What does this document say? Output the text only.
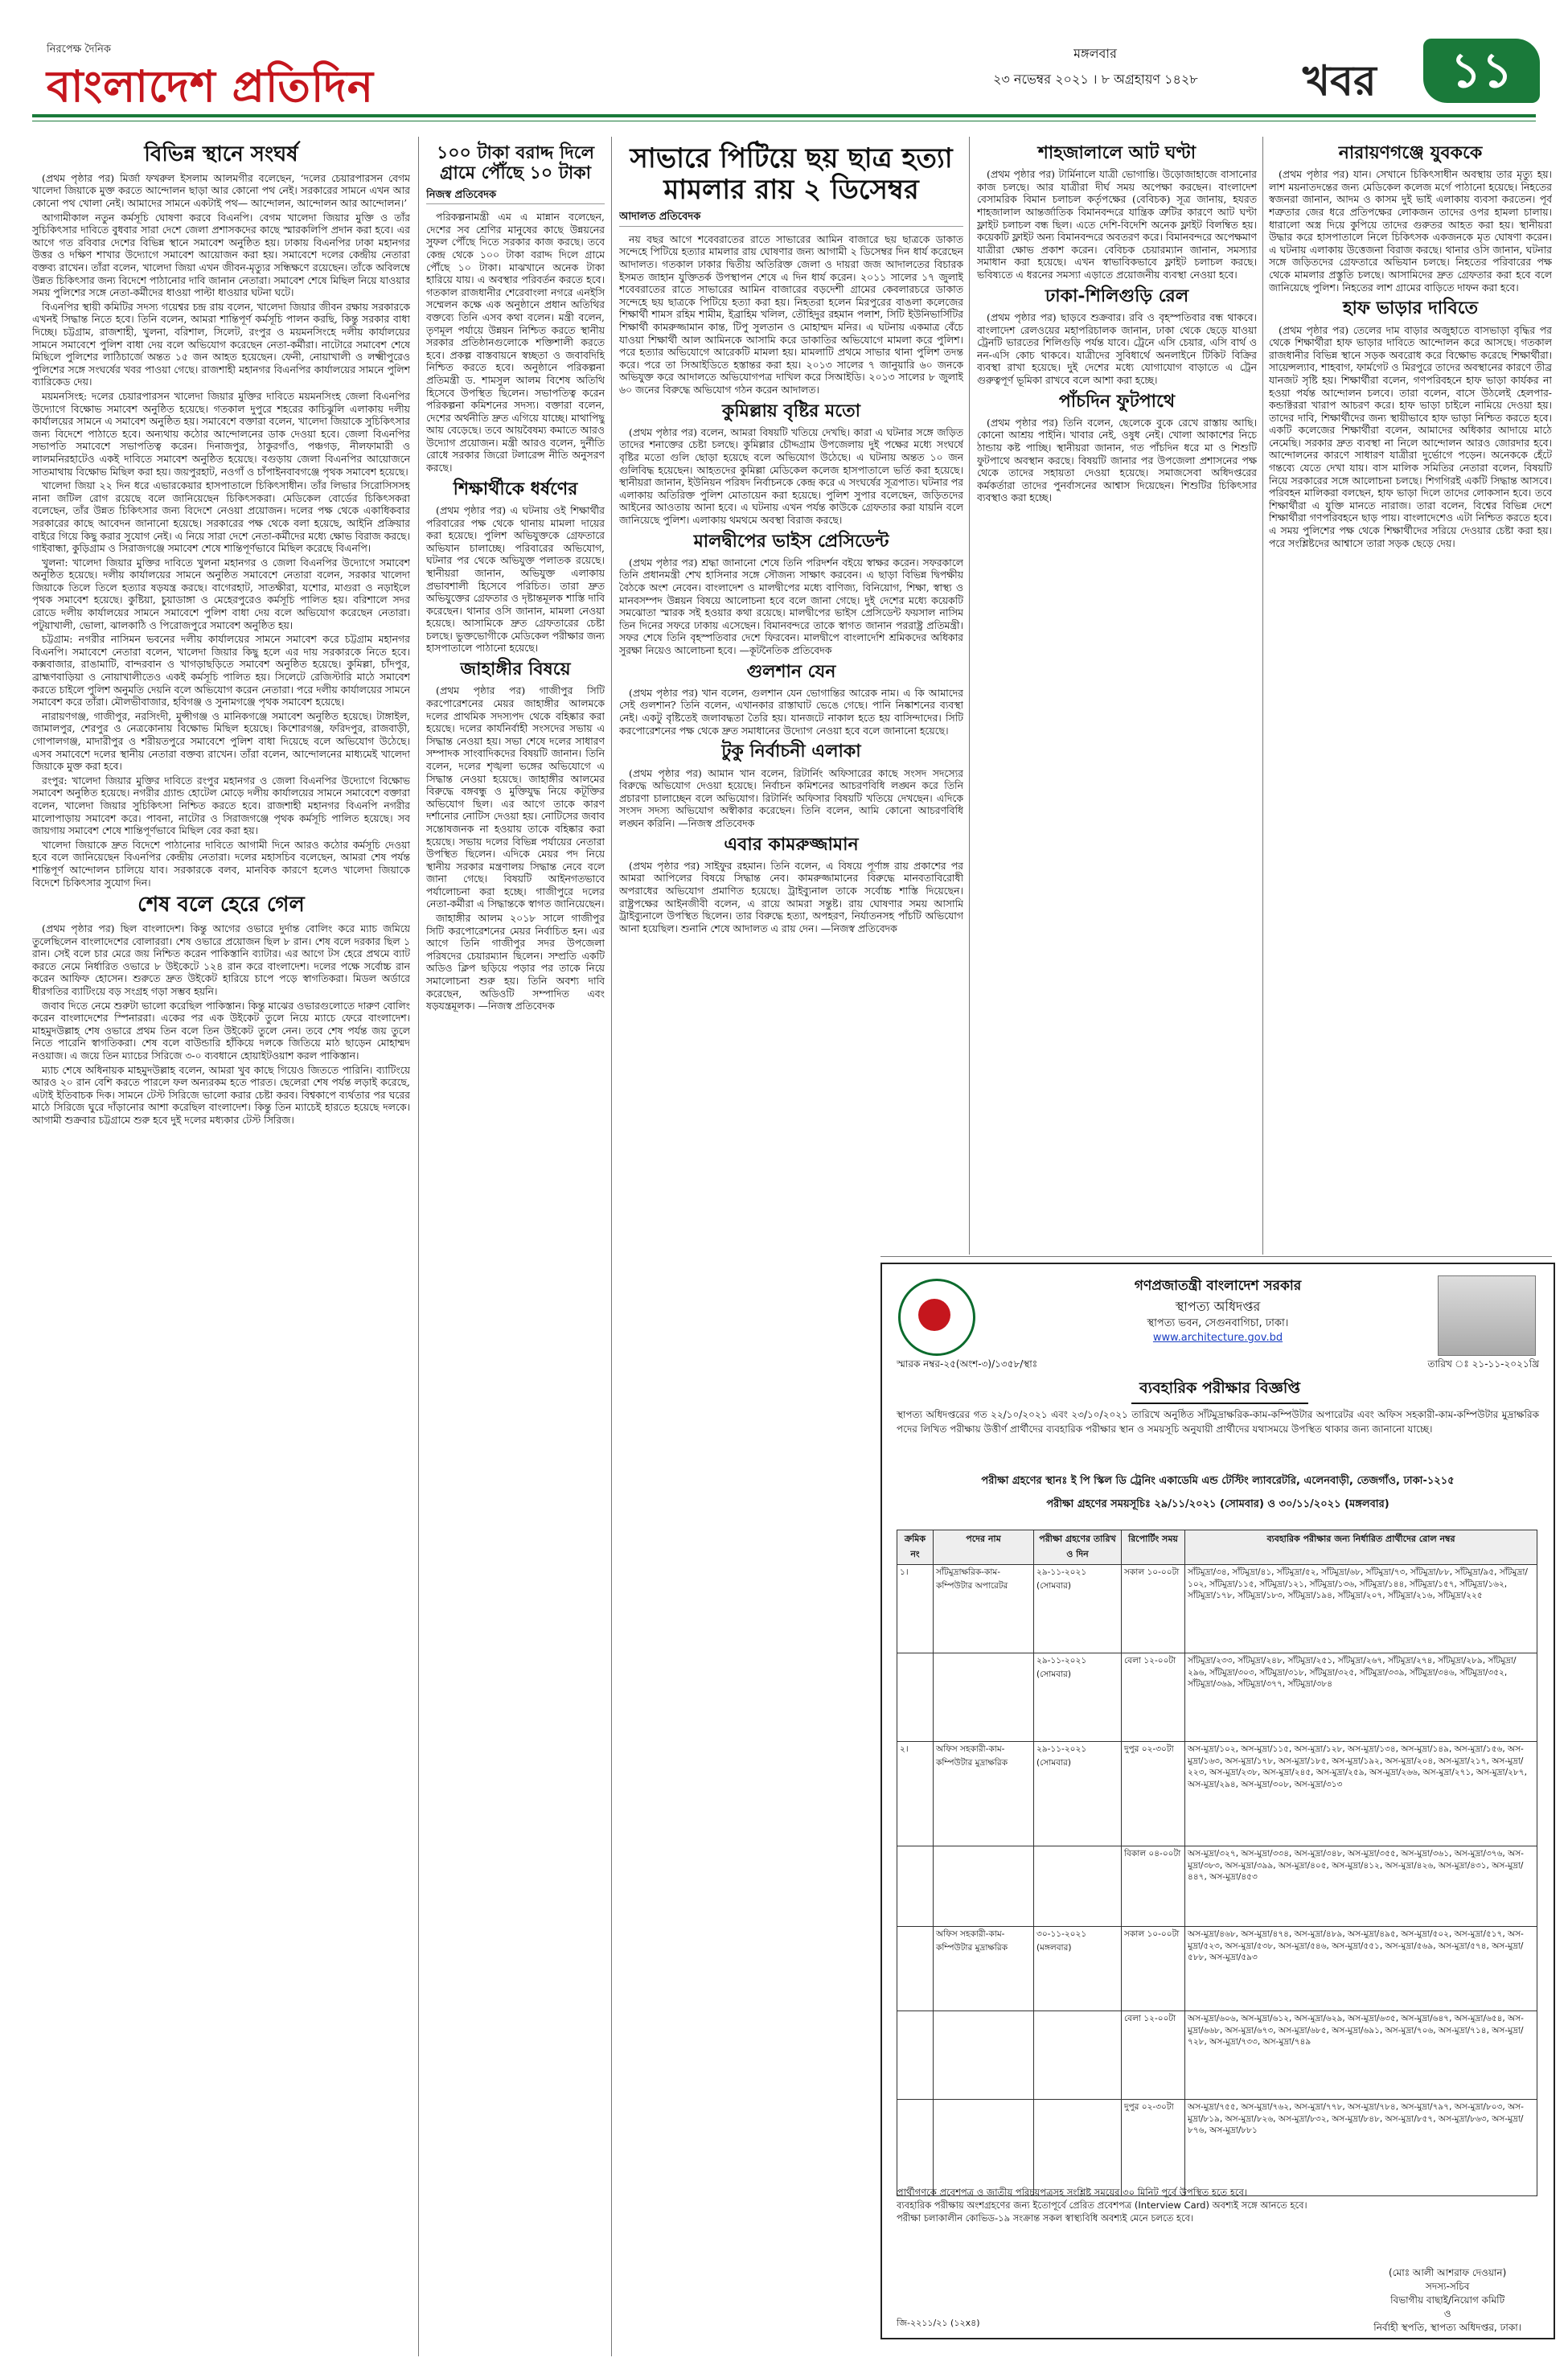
নিরপেক্ষ দৈনিক
বাংলাদেশ প্রতিদিন
মঙ্গলবার
২৩ নভেম্বর ২০২১ । ৮ অগ্রহায়ণ ১৪২৮	খবর	১১
বিভিন্ন স্থানে সংঘর্ষ

(প্রথম পৃষ্ঠার পর) মির্জা ফখরুল ইসলাম আলমগীর বলেছেন, ‘দলের চেয়ারপারসন বেগম খালেদা জিয়াকে মুক্ত করতে আন্দোলন ছাড়া আর কোনো পথ নেই। সরকারের সামনে এখন আর কোনো পথ খোলা নেই। আমাদের সামনে একটাই পথ— আন্দোলন, আন্দোলন আর আন্দোলন।’

আগামীকাল নতুন কর্মসূচি ঘোষণা করবে বিএনপি। বেগম খালেদা জিয়ার মুক্তি ও তাঁর সুচিকিৎসার দাবিতে বুধবার সারা দেশে জেলা প্রশাসকদের কাছে স্মারকলিপি প্রদান করা হবে। এর আগে গত রবিবার দেশের বিভিন্ন স্থানে সমাবেশ অনুষ্ঠিত হয়। ঢাকায় বিএনপির ঢাকা মহানগর উত্তর ও দক্ষিণ শাখার উদ্যোগে সমাবেশ আয়োজন করা হয়। সমাবেশে দলের কেন্দ্রীয় নেতারা বক্তব্য রাখেন। তাঁরা বলেন, খালেদা জিয়া এখন জীবন-মৃত্যুর সন্ধিক্ষণে রয়েছেন। তাঁকে অবিলম্বে উন্নত চিকিৎসার জন্য বিদেশে পাঠানোর দাবি জানান নেতারা। সমাবেশ শেষে মিছিল নিয়ে যাওয়ার সময় পুলিশের সঙ্গে নেতা-কর্মীদের ধাওয়া পাল্টা ধাওয়ার ঘটনা ঘটে।

বিএনপির স্থায়ী কমিটির সদস্য গয়েশ্বর চন্দ্র রায় বলেন, খালেদা জিয়ার জীবন রক্ষায় সরকারকে এখনই সিদ্ধান্ত নিতে হবে। তিনি বলেন, আমরা শান্তিপূর্ণ কর্মসূচি পালন করছি, কিন্তু সরকার বাধা দিচ্ছে। চট্টগ্রাম, রাজশাহী, খুলনা, বরিশাল, সিলেট, রংপুর ও ময়মনসিংহে দলীয় কার্যালয়ের সামনে সমাবেশে পুলিশ বাধা দেয় বলে অভিযোগ করেছেন নেতা-কর্মীরা। নাটোরে সমাবেশ শেষে মিছিলে পুলিশের লাঠিচার্জে অন্তত ১৫ জন আহত হয়েছেন। ফেনী, নোয়াখালী ও লক্ষ্মীপুরেও পুলিশের সঙ্গে সংঘর্ষের খবর পাওয়া গেছে। রাজশাহী মহানগর বিএনপির কার্যালয়ের সামনে পুলিশ ব্যারিকেড দেয়।

ময়মনসিংহ: দলের চেয়ারপারসন খালেদা জিয়ার মুক্তির দাবিতে ময়মনসিংহ জেলা বিএনপির উদ্যোগে বিক্ষোভ সমাবেশ অনুষ্ঠিত হয়েছে। গতকাল দুপুরে শহরের কাচিঝুলি এলাকায় দলীয় কার্যালয়ের সামনে এ সমাবেশ অনুষ্ঠিত হয়। সমাবেশে বক্তারা বলেন, খালেদা জিয়াকে সুচিকিৎসার জন্য বিদেশে পাঠাতে হবে। অন্যথায় কঠোর আন্দোলনের ডাক দেওয়া হবে। জেলা বিএনপির সভাপতি সমাবেশে সভাপতিত্ব করেন। দিনাজপুর, ঠাকুরগাঁও, পঞ্চগড়, নীলফামারী ও লালমনিরহাটেও একই দাবিতে সমাবেশ অনুষ্ঠিত হয়েছে। বগুড়ায় জেলা বিএনপির আয়োজনে সাতমাথায় বিক্ষোভ মিছিল করা হয়। জয়পুরহাট, নওগাঁ ও চাঁপাইনবাবগঞ্জে পৃথক সমাবেশ হয়েছে।

খালেদা জিয়া ২২ দিন ধরে এভারকেয়ার হাসপাতালে চিকিৎসাধীন। তাঁর লিভার সিরোসিসসহ নানা জটিল রোগ রয়েছে বলে জানিয়েছেন চিকিৎসকরা। মেডিকেল বোর্ডের চিকিৎসকরা বলেছেন, তাঁর উন্নত চিকিৎসার জন্য বিদেশে নেওয়া প্রয়োজন। দলের পক্ষ থেকে একাধিকবার সরকারের কাছে আবেদন জানানো হয়েছে। সরকারের পক্ষ থেকে বলা হয়েছে, আইনি প্রক্রিয়ার বাইরে গিয়ে কিছু করার সুযোগ নেই। এ নিয়ে সারা দেশে নেতা-কর্মীদের মধ্যে ক্ষোভ বিরাজ করছে। গাইবান্ধা, কুড়িগ্রাম ও সিরাজগঞ্জে সমাবেশ শেষে শান্তিপূর্ণভাবে মিছিল করেছে বিএনপি।

খুলনা: খালেদা জিয়ার মুক্তির দাবিতে খুলনা মহানগর ও জেলা বিএনপির উদ্যোগে সমাবেশ অনুষ্ঠিত হয়েছে। দলীয় কার্যালয়ের সামনে অনুষ্ঠিত সমাবেশে নেতারা বলেন, সরকার খালেদা জিয়াকে তিলে তিলে হত্যার ষড়যন্ত্র করছে। বাগেরহাট, সাতক্ষীরা, যশোর, মাগুরা ও নড়াইলে পৃথক সমাবেশ হয়েছে। কুষ্টিয়া, চুয়াডাঙ্গা ও মেহেরপুরেও কর্মসূচি পালিত হয়। বরিশালে সদর রোডে দলীয় কার্যালয়ের সামনে সমাবেশে পুলিশ বাধা দেয় বলে অভিযোগ করেছেন নেতারা। পটুয়াখালী, ভোলা, ঝালকাঠি ও পিরোজপুরে সমাবেশ অনুষ্ঠিত হয়।

চট্টগ্রাম: নগরীর নাসিমন ভবনের দলীয় কার্যালয়ের সামনে সমাবেশ করে চট্টগ্রাম মহানগর বিএনপি। সমাবেশে নেতারা বলেন, খালেদা জিয়ার কিছু হলে এর দায় সরকারকে নিতে হবে। কক্সবাজার, রাঙামাটি, বান্দরবান ও খাগড়াছড়িতে সমাবেশ অনুষ্ঠিত হয়েছে। কুমিল্লা, চাঁদপুর, ব্রাহ্মণবাড়িয়া ও নোয়াখালীতেও একই কর্মসূচি পালিত হয়। সিলেটে রেজিস্টারি মাঠে সমাবেশ করতে চাইলে পুলিশ অনুমতি দেয়নি বলে অভিযোগ করেন নেতারা। পরে দলীয় কার্যালয়ের সামনে সমাবেশ করে তাঁরা। মৌলভীবাজার, হবিগঞ্জ ও সুনামগঞ্জে পৃথক সমাবেশ হয়েছে।

নারায়ণগঞ্জ, গাজীপুর, নরসিংদী, মুন্সীগঞ্জ ও মানিকগঞ্জে সমাবেশ অনুষ্ঠিত হয়েছে। টাঙ্গাইল, জামালপুর, শেরপুর ও নেত্রকোনায় বিক্ষোভ মিছিল হয়েছে। কিশোরগঞ্জ, ফরিদপুর, রাজবাড়ী, গোপালগঞ্জ, মাদারীপুর ও শরীয়তপুরে সমাবেশে পুলিশ বাধা দিয়েছে বলে অভিযোগ উঠেছে। এসব সমাবেশে দলের স্থানীয় নেতারা বক্তব্য রাখেন। তাঁরা বলেন, আন্দোলনের মাধ্যমেই খালেদা জিয়াকে মুক্ত করা হবে।

রংপুর: খালেদা জিয়ার মুক্তির দাবিতে রংপুর মহানগর ও জেলা বিএনপির উদ্যোগে বিক্ষোভ সমাবেশ অনুষ্ঠিত হয়েছে। নগরীর গ্র্যান্ড হোটেল মোড়ে দলীয় কার্যালয়ের সামনে সমাবেশে বক্তারা বলেন, খালেদা জিয়ার সুচিকিৎসা নিশ্চিত করতে হবে। রাজশাহী মহানগর বিএনপি নগরীর মালোপাড়ায় সমাবেশ করে। পাবনা, নাটোর ও সিরাজগঞ্জে পৃথক কর্মসূচি পালিত হয়েছে। সব জায়গায় সমাবেশ শেষে শান্তিপূর্ণভাবে মিছিল বের করা হয়।

খালেদা জিয়াকে দ্রুত বিদেশে পাঠানোর দাবিতে আগামী দিনে আরও কঠোর কর্মসূচি দেওয়া হবে বলে জানিয়েছেন বিএনপির কেন্দ্রীয় নেতারা। দলের মহাসচিব বলেছেন, আমরা শেষ পর্যন্ত শান্তিপূর্ণ আন্দোলন চালিয়ে যাব। সরকারকে বলব, মানবিক কারণে হলেও খালেদা জিয়াকে বিদেশে চিকিৎসার সুযোগ দিন।

শেষ বলে হেরে গেল

(প্রথম পৃষ্ঠার পর) ছিল বাংলাদেশ। কিন্তু আগের ওভারে দুর্দান্ত বোলিং করে ম্যাচ জমিয়ে তুলেছিলেন বাংলাদেশের বোলাররা। শেষ ওভারে প্রয়োজন ছিল ৮ রান। শেষ বলে দরকার ছিল ১ রান। সেই বলে চার মেরে জয় নিশ্চিত করেন পাকিস্তানি ব্যাটার। এর আগে টস হেরে প্রথমে ব্যাট করতে নেমে নির্ধারিত ওভারে ৮ উইকেটে ১২৪ রান করে বাংলাদেশ। দলের পক্ষে সর্বোচ্চ রান করেন আফিফ হোসেন। শুরুতে দ্রুত উইকেট হারিয়ে চাপে পড়ে স্বাগতিকরা। মিডল অর্ডারে ধীরগতির ব্যাটিংয়ে বড় সংগ্রহ গড়া সম্ভব হয়নি।

জবাব দিতে নেমে শুরুটা ভালো করেছিল পাকিস্তান। কিন্তু মাঝের ওভারগুলোতে দারুণ বোলিং করেন বাংলাদেশের স্পিনাররা। একের পর এক উইকেট তুলে নিয়ে ম্যাচে ফেরে বাংলাদেশ। মাহমুদউল্লাহ শেষ ওভারে প্রথম তিন বলে তিন উইকেট তুলে নেন। তবে শেষ পর্যন্ত জয় তুলে নিতে পারেনি স্বাগতিকরা। শেষ বলে বাউন্ডারি হাঁকিয়ে দলকে জিতিয়ে মাঠ ছাড়েন মোহাম্মদ নওয়াজ। এ জয়ে তিন ম্যাচের সিরিজে ৩-০ ব্যবধানে হোয়াইটওয়াশ করল পাকিস্তান।

ম্যাচ শেষে অধিনায়ক মাহমুদউল্লাহ বলেন, আমরা খুব কাছে গিয়েও জিততে পারিনি। ব্যাটিংয়ে আরও ২০ রান বেশি করতে পারলে ফল অন্যরকম হতে পারত। ছেলেরা শেষ পর্যন্ত লড়াই করেছে, এটাই ইতিবাচক দিক। সামনে টেস্ট সিরিজে ভালো করার চেষ্টা করব। বিশ্বকাপে ব্যর্থতার পর ঘরের মাঠে সিরিজে ঘুরে দাঁড়ানোর আশা করেছিল বাংলাদেশ। কিন্তু তিন ম্যাচেই হারতে হয়েছে দলকে। আগামী শুক্রবার চট্টগ্রামে শুরু হবে দুই দলের মধ্যকার টেস্ট সিরিজ।

১০০ টাকা বরাদ্দ দিলে গ্রামে পৌঁছে ১০ টাকা
নিজস্ব প্রতিবেদক

পরিকল্পনামন্ত্রী এম এ মান্নান বলেছেন, দেশের সব শ্রেণির মানুষের কাছে উন্নয়নের সুফল পৌঁছে দিতে সরকার কাজ করছে। তবে কেন্দ্র থেকে ১০০ টাকা বরাদ্দ দিলে গ্রামে পৌঁছে ১০ টাকা। মাঝখানে অনেক টাকা হারিয়ে যায়। এ অবস্থার পরিবর্তন করতে হবে। গতকাল রাজধানীর শেরেবাংলা নগরে এনইসি সম্মেলন কক্ষে এক অনুষ্ঠানে প্রধান অতিথির বক্তব্যে তিনি এসব কথা বলেন। মন্ত্রী বলেন, তৃণমূল পর্যায়ে উন্নয়ন নিশ্চিত করতে স্থানীয় সরকার প্রতিষ্ঠানগুলোকে শক্তিশালী করতে হবে। প্রকল্প বাস্তবায়নে স্বচ্ছতা ও জবাবদিহি নিশ্চিত করতে হবে। অনুষ্ঠানে পরিকল্পনা প্রতিমন্ত্রী ড. শামসুল আলম বিশেষ অতিথি হিসেবে উপস্থিত ছিলেন। সভাপতিত্ব করেন পরিকল্পনা কমিশনের সদস্য। বক্তারা বলেন, দেশের অর্থনীতি দ্রুত এগিয়ে যাচ্ছে। মাথাপিছু আয় বেড়েছে। তবে আয়বৈষম্য কমাতে আরও উদ্যোগ প্রয়োজন। মন্ত্রী আরও বলেন, দুর্নীতি রোধে সরকার জিরো টলারেন্স নীতি অনুসরণ করছে।

শিক্ষার্থীকে ধর্ষণের

(প্রথম পৃষ্ঠার পর) এ ঘটনায় ওই শিক্ষার্থীর পরিবারের পক্ষ থেকে থানায় মামলা দায়ের করা হয়েছে। পুলিশ অভিযুক্তকে গ্রেফতারে অভিযান চালাচ্ছে। পরিবারের অভিযোগ, ঘটনার পর থেকে অভিযুক্ত পলাতক রয়েছে। স্থানীয়রা জানান, অভিযুক্ত এলাকায় প্রভাবশালী হিসেবে পরিচিত। তারা দ্রুত অভিযুক্তের গ্রেফতার ও দৃষ্টান্তমূলক শাস্তি দাবি করেছেন। থানার ওসি জানান, মামলা নেওয়া হয়েছে। আসামিকে দ্রুত গ্রেফতারের চেষ্টা চলছে। ভুক্তভোগীকে মেডিকেল পরীক্ষার জন্য হাসপাতালে পাঠানো হয়েছে।

জাহাঙ্গীর বিষয়ে

(প্রথম পৃষ্ঠার পর) গাজীপুর সিটি করপোরেশনের মেয়র জাহাঙ্গীর আলমকে দলের প্রাথমিক সদস্যপদ থেকে বহিষ্কার করা হয়েছে। দলের কার্যনির্বাহী সংসদের সভায় এ সিদ্ধান্ত নেওয়া হয়। সভা শেষে দলের সাধারণ সম্পাদক সাংবাদিকদের বিষয়টি জানান। তিনি বলেন, দলের শৃঙ্খলা ভঙ্গের অভিযোগে এ সিদ্ধান্ত নেওয়া হয়েছে। জাহাঙ্গীর আলমের বিরুদ্ধে বঙ্গবন্ধু ও মুক্তিযুদ্ধ নিয়ে কটূক্তির অভিযোগ ছিল। এর আগে তাকে কারণ দর্শানোর নোটিস দেওয়া হয়। নোটিসের জবাব সন্তোষজনক না হওয়ায় তাকে বহিষ্কার করা হয়েছে। সভায় দলের বিভিন্ন পর্যায়ের নেতারা উপস্থিত ছিলেন। এদিকে মেয়র পদ নিয়ে স্থানীয় সরকার মন্ত্রণালয় সিদ্ধান্ত নেবে বলে জানা গেছে। বিষয়টি আইনগতভাবে পর্যালোচনা করা হচ্ছে। গাজীপুরে দলের নেতা-কর্মীরা এ সিদ্ধান্তকে স্বাগত জানিয়েছেন।

জাহাঙ্গীর আলম ২০১৮ সালে গাজীপুর সিটি করপোরেশনের মেয়র নির্বাচিত হন। এর আগে তিনি গাজীপুর সদর উপজেলা পরিষদের চেয়ারম্যান ছিলেন। সম্প্রতি একটি অডিও ক্লিপ ছড়িয়ে পড়ার পর তাকে নিয়ে সমালোচনা শুরু হয়। তিনি অবশ্য দাবি করেছেন, অডিওটি সম্পাদিত এবং ষড়যন্ত্রমূলক। —নিজস্ব প্রতিবেদক

সাভারে পিটিয়ে ছয় ছাত্র হত্যা মামলার রায় ২ ডিসেম্বর
আদালত প্রতিবেদক

নয় বছর আগে শবেবরাতের রাতে সাভারের আমিন বাজারে ছয় ছাত্রকে ডাকাত সন্দেহে পিটিয়ে হত্যার মামলার রায় ঘোষণার জন্য আগামী ২ ডিসেম্বর দিন ধার্য করেছেন আদালত। গতকাল ঢাকার দ্বিতীয় অতিরিক্ত জেলা ও দায়রা জজ আদালতের বিচারক ইসমত জাহান যুক্তিতর্ক উপস্থাপন শেষে এ দিন ধার্য করেন। ২০১১ সালের ১৭ জুলাই শবেবরাতের রাতে সাভারের আমিন বাজারের বড়দেশী গ্রামের কেবলারচরে ডাকাত সন্দেহে ছয় ছাত্রকে পিটিয়ে হত্যা করা হয়। নিহতরা হলেন মিরপুরের বাঙলা কলেজের শিক্ষার্থী শামস রহিম শামীম, ইব্রাহিম খলিল, তৌহিদুর রহমান পলাশ, সিটি ইউনিভার্সিটির শিক্ষার্থী কামরুজ্জামান কান্ত, টিপু সুলতান ও মোহাম্মদ মনির। এ ঘটনায় একমাত্র বেঁচে যাওয়া শিক্ষার্থী আল আমিনকে আসামি করে ডাকাতির অভিযোগে মামলা করে পুলিশ। পরে হত্যার অভিযোগে আরেকটি মামলা হয়। মামলাটি প্রথমে সাভার থানা পুলিশ তদন্ত করে। পরে তা সিআইডিতে হস্তান্তর করা হয়। ২০১৩ সালের ৭ জানুয়ারি ৬০ জনকে অভিযুক্ত করে আদালতে অভিযোগপত্র দাখিল করে সিআইডি। ২০১৩ সালের ৮ জুলাই ৬০ জনের বিরুদ্ধে অভিযোগ গঠন করেন আদালত।

কুমিল্লায় বৃষ্টির মতো

(প্রথম পৃষ্ঠার পর) বলেন, আমরা বিষয়টি খতিয়ে দেখছি। কারা এ ঘটনার সঙ্গে জড়িত তাদের শনাক্তের চেষ্টা চলছে। কুমিল্লার চৌদ্দগ্রাম উপজেলায় দুই পক্ষের মধ্যে সংঘর্ষে বৃষ্টির মতো গুলি ছোড়া হয়েছে বলে অভিযোগ উঠেছে। এ ঘটনায় অন্তত ১০ জন গুলিবিদ্ধ হয়েছেন। আহতদের কুমিল্লা মেডিকেল কলেজ হাসপাতালে ভর্তি করা হয়েছে। স্থানীয়রা জানান, ইউনিয়ন পরিষদ নির্বাচনকে কেন্দ্র করে এ সংঘর্ষের সূত্রপাত। ঘটনার পর এলাকায় অতিরিক্ত পুলিশ মোতায়েন করা হয়েছে। পুলিশ সুপার বলেছেন, জড়িতদের আইনের আওতায় আনা হবে। এ ঘটনায় এখন পর্যন্ত কাউকে গ্রেফতার করা যায়নি বলে জানিয়েছে পুলিশ। এলাকায় থমথমে অবস্থা বিরাজ করছে।

মালদ্বীপের ভাইস প্রেসিডেন্ট

(প্রথম পৃষ্ঠার পর) শ্রদ্ধা জানানো শেষে তিনি পরিদর্শন বইয়ে স্বাক্ষর করেন। সফরকালে তিনি প্রধানমন্ত্রী শেখ হাসিনার সঙ্গে সৌজন্য সাক্ষাৎ করবেন। এ ছাড়া বিভিন্ন দ্বিপক্ষীয় বৈঠকে অংশ নেবেন। বাংলাদেশ ও মালদ্বীপের মধ্যে বাণিজ্য, বিনিয়োগ, শিক্ষা, স্বাস্থ্য ও মানবসম্পদ উন্নয়ন বিষয়ে আলোচনা হবে বলে জানা গেছে। দুই দেশের মধ্যে কয়েকটি সমঝোতা স্মারক সই হওয়ার কথা রয়েছে। মালদ্বীপের ভাইস প্রেসিডেন্ট ফয়সাল নাসিম তিন দিনের সফরে ঢাকায় এসেছেন। বিমানবন্দরে তাকে স্বাগত জানান পররাষ্ট্র প্রতিমন্ত্রী। সফর শেষে তিনি বৃহস্পতিবার দেশে ফিরবেন। মালদ্বীপে বাংলাদেশি শ্রমিকদের অধিকার সুরক্ষা নিয়েও আলোচনা হবে। —কূটনৈতিক প্রতিবেদক

গুলশান যেন

(প্রথম পৃষ্ঠার পর) খান বলেন, গুলশান যেন ভোগান্তির আরেক নাম। এ কি আমাদের সেই গুলশান? তিনি বলেন, এখানকার রাস্তাঘাট ভেঙে গেছে। পানি নিষ্কাশনের ব্যবস্থা নেই। একটু বৃষ্টিতেই জলাবদ্ধতা তৈরি হয়। যানজটে নাকাল হতে হয় বাসিন্দাদের। সিটি করপোরেশনের পক্ষ থেকে দ্রুত সমাধানের উদ্যোগ নেওয়া হবে বলে জানানো হয়েছে।

টুকু নির্বাচনী এলাকা

(প্রথম পৃষ্ঠার পর) আমান খান বলেন, রিটার্নিং অফিসারের কাছে সংসদ সদস্যের বিরুদ্ধে অভিযোগ দেওয়া হয়েছে। নির্বাচন কমিশনের আচরণবিধি লঙ্ঘন করে তিনি প্রচারণা চালাচ্ছেন বলে অভিযোগ। রিটার্নিং অফিসার বিষয়টি খতিয়ে দেখছেন। এদিকে সংসদ সদস্য অভিযোগ অস্বীকার করেছেন। তিনি বলেন, আমি কোনো আচরণবিধি লঙ্ঘন করিনি। —নিজস্ব প্রতিবেদক

এবার কামরুজ্জামান

(প্রথম পৃষ্ঠার পর) সাইফুর রহমান। তিনি বলেন, এ বিষয়ে পূর্ণাঙ্গ রায় প্রকাশের পর আমরা আপিলের বিষয়ে সিদ্ধান্ত নেব। কামরুজ্জামানের বিরুদ্ধে মানবতাবিরোধী অপরাধের অভিযোগ প্রমাণিত হয়েছে। ট্রাইব্যুনাল তাকে সর্বোচ্চ শাস্তি দিয়েছেন। রাষ্ট্রপক্ষের আইনজীবী বলেন, এ রায়ে আমরা সন্তুষ্ট। রায় ঘোষণার সময় আসামি ট্রাইব্যুনালে উপস্থিত ছিলেন। তার বিরুদ্ধে হত্যা, অপহরণ, নির্যাতনসহ পাঁচটি অভিযোগ আনা হয়েছিল। শুনানি শেষে আদালত এ রায় দেন। —নিজস্ব প্রতিবেদক

শাহজালালে আট ঘণ্টা

(প্রথম পৃষ্ঠার পর) টার্মিনালে যাত্রী ভোগান্তি। উড়োজাহাজে বাসানোর কাজ চলছে। আর যাত্রীরা দীর্ঘ সময় অপেক্ষা করছেন। বাংলাদেশ বেসামরিক বিমান চলাচল কর্তৃপক্ষের (বেবিচক) সূত্র জানায়, হযরত শাহজালাল আন্তর্জাতিক বিমানবন্দরে যান্ত্রিক ত্রুটির কারণে আট ঘণ্টা ফ্লাইট চলাচল বন্ধ ছিল। এতে দেশি-বিদেশি অনেক ফ্লাইট বিলম্বিত হয়। কয়েকটি ফ্লাইট অন্য বিমানবন্দরে অবতরণ করে। বিমানবন্দরে অপেক্ষমাণ যাত্রীরা ক্ষোভ প্রকাশ করেন। বেবিচক চেয়ারম্যান জানান, সমস্যার সমাধান করা হয়েছে। এখন স্বাভাবিকভাবে ফ্লাইট চলাচল করছে। ভবিষ্যতে এ ধরনের সমস্যা এড়াতে প্রয়োজনীয় ব্যবস্থা নেওয়া হবে।

ঢাকা-শিলিগুড়ি রেল

(প্রথম পৃষ্ঠার পর) ছাড়বে শুক্রবার। রবি ও বৃহস্পতিবার বন্ধ থাকবে। বাংলাদেশ রেলওয়ের মহাপরিচালক জানান, ঢাকা থেকে ছেড়ে যাওয়া ট্রেনটি ভারতের শিলিগুড়ি পর্যন্ত যাবে। ট্রেনে এসি চেয়ার, এসি বার্থ ও নন-এসি কোচ থাকবে। যাত্রীদের সুবিধার্থে অনলাইনে টিকিট বিক্রির ব্যবস্থা রাখা হয়েছে। দুই দেশের মধ্যে যোগাযোগ বাড়াতে এ ট্রেন গুরুত্বপূর্ণ ভূমিকা রাখবে বলে আশা করা হচ্ছে।

পাঁচদিন ফুটপাথে

(প্রথম পৃষ্ঠার পর) তিনি বলেন, ছেলেকে বুকে রেখে রাস্তায় আছি। কোনো আশ্রয় পাইনি। খাবার নেই, ওষুধ নেই। খোলা আকাশের নিচে ঠান্ডায় কষ্ট পাচ্ছি। স্থানীয়রা জানান, গত পাঁচদিন ধরে মা ও শিশুটি ফুটপাথে অবস্থান করছে। বিষয়টি জানার পর উপজেলা প্রশাসনের পক্ষ থেকে তাদের সহায়তা দেওয়া হয়েছে। সমাজসেবা অধিদপ্তরের কর্মকর্তারা তাদের পুনর্বাসনের আশ্বাস দিয়েছেন। শিশুটির চিকিৎসার ব্যবস্থাও করা হচ্ছে।

নারায়ণগঞ্জে যুবককে

(প্রথম পৃষ্ঠার পর) যান। সেখানে চিকিৎসাধীন অবস্থায় তার মৃত্যু হয়। লাশ ময়নাতদন্তের জন্য মেডিকেল কলেজ মর্গে পাঠানো হয়েছে। নিহতের স্বজনরা জানান, আদম ও কাসম দুই ভাই এলাকায় ব্যবসা করতেন। পূর্ব শত্রুতার জের ধরে প্রতিপক্ষের লোকজন তাদের ওপর হামলা চালায়। ধারালো অস্ত্র দিয়ে কুপিয়ে তাদের গুরুতর আহত করা হয়। স্থানীয়রা উদ্ধার করে হাসপাতালে নিলে চিকিৎসক একজনকে মৃত ঘোষণা করেন। এ ঘটনায় এলাকায় উত্তেজনা বিরাজ করছে। থানার ওসি জানান, ঘটনার সঙ্গে জড়িতদের গ্রেফতারে অভিযান চলছে। নিহতের পরিবারের পক্ষ থেকে মামলার প্রস্তুতি চলছে। আসামিদের দ্রুত গ্রেফতার করা হবে বলে জানিয়েছে পুলিশ। নিহতের লাশ গ্রামের বাড়িতে দাফন করা হবে।

হাফ ভাড়ার দাবিতে

(প্রথম পৃষ্ঠার পর) তেলের দাম বাড়ার অজুহাতে বাসভাড়া বৃদ্ধির পর থেকে শিক্ষার্থীরা হাফ ভাড়ার দাবিতে আন্দোলন করে আসছে। গতকাল রাজধানীর বিভিন্ন স্থানে সড়ক অবরোধ করে বিক্ষোভ করেছে শিক্ষার্থীরা। সায়েন্সল্যাব, শাহবাগ, ফার্মগেট ও মিরপুরে তাদের অবস্থানের কারণে তীব্র যানজট সৃষ্টি হয়। শিক্ষার্থীরা বলেন, গণপরিবহনে হাফ ভাড়া কার্যকর না হওয়া পর্যন্ত আন্দোলন চলবে। তারা বলেন, বাসে উঠলেই হেলপার-কন্ডাক্টররা খারাপ আচরণ করে। হাফ ভাড়া চাইলে নামিয়ে দেওয়া হয়। তাদের দাবি, শিক্ষার্থীদের জন্য স্থায়ীভাবে হাফ ভাড়া নিশ্চিত করতে হবে। একটি কলেজের শিক্ষার্থীরা বলেন, আমাদের অধিকার আদায়ে মাঠে নেমেছি। সরকার দ্রুত ব্যবস্থা না নিলে আন্দোলন আরও জোরদার হবে। আন্দোলনের কারণে সাধারণ যাত্রীরা দুর্ভোগে পড়েন। অনেককে হেঁটে গন্তব্যে যেতে দেখা যায়। বাস মালিক সমিতির নেতারা বলেন, বিষয়টি নিয়ে সরকারের সঙ্গে আলোচনা চলছে। শিগগিরই একটি সিদ্ধান্ত আসবে। পরিবহন মালিকরা বলছেন, হাফ ভাড়া দিলে তাদের লোকসান হবে। তবে শিক্ষার্থীরা এ যুক্তি মানতে নারাজ। তারা বলেন, বিশ্বের বিভিন্ন দেশে শিক্ষার্থীরা গণপরিবহনে ছাড় পায়। বাংলাদেশেও এটা নিশ্চিত করতে হবে। এ সময় পুলিশের পক্ষ থেকে শিক্ষার্থীদের সরিয়ে দেওয়ার চেষ্টা করা হয়। পরে সংশ্লিষ্টদের আশ্বাসে তারা সড়ক ছেড়ে দেয়।

গণপ্রজাতন্ত্রী বাংলাদেশ সরকার
স্থাপত্য অধিদপ্তর
স্থাপত্য ভবন, সেগুনবাগিচা, ঢাকা।
www.architecture.gov.bd
স্মারক নম্বর-২৫(অংশ-৩)/১৩৫৮/স্থাঃ	তারিখ ঃ ২১-১১-২০২১খ্রি
ব্যবহারিক পরীক্ষার বিজ্ঞপ্তি
স্থাপত্য অধিদপ্তরের গত ২২/১০/২০২১ এবং ২৩/১০/২০২১ তারিখে অনুষ্ঠিত সাঁটমুদ্রাক্ষরিক-কাম-কম্পিউটার অপারেটর এবং অফিস সহকারী-কাম-কম্পিউটার মুদ্রাক্ষরিক পদের লিখিত পরীক্ষায় উত্তীর্ণ প্রার্থীদের ব্যবহারিক পরীক্ষার স্থান ও সময়সূচি অনুযায়ী প্রার্থীদের যথাসময়ে উপস্থিত থাকার জন্য জানানো যাচ্ছে।
পরীক্ষা গ্রহণের স্থানঃ ই পি স্কিল ডি ট্রেনিং একাডেমি এন্ড টেস্টিং ল্যাবরেটরি, এলেনবাড়ী, তেজগাঁও, ঢাকা-১২১৫
পরীক্ষা গ্রহণের সময়সূচিঃ ২৯/১১/২০২১ (সোমবার) ও ৩০/১১/২০২১ (মঙ্গলবার)
ক্রমিক নং	পদের নাম	পরীক্ষা গ্রহণের তারিখ ও দিন	রিপোর্টিং সময়	ব্যবহারিক পরীক্ষার জন্য নির্ধারিত প্রার্থীদের রোল নম্বর
১।	সাঁটমুদ্রাক্ষরিক-কাম-কম্পিউটার অপারেটর	২৯-১১-২০২১ (সোমবার)	সকাল ১০-০০টা	সাঁটমুদ্রা/৩৪, সাঁটমুদ্রা/৪১, সাঁটমুদ্রা/৫২, সাঁটমুদ্রা/৬৮, সাঁটমুদ্রা/৭৩, সাঁটমুদ্রা/৮৮, সাঁটমুদ্রা/৯৫, সাঁটমুদ্রা/১০২, সাঁটমুদ্রা/১১৫, সাঁটমুদ্রা/১২১, সাঁটমুদ্রা/১৩৬, সাঁটমুদ্রা/১৪৪, সাঁটমুদ্রা/১৫৭, সাঁটমুদ্রা/১৬২, সাঁটমুদ্রা/১৭৮, সাঁটমুদ্রা/১৮৩, সাঁটমুদ্রা/১৯৪, সাঁটমুদ্রা/২০৭, সাঁটমুদ্রা/২১৬, সাঁটমুদ্রা/২২৫
		২৯-১১-২০২১ (সোমবার)	বেলা ১২-০০টা	সাঁটমুদ্রা/২৩৩, সাঁটমুদ্রা/২৪৮, সাঁটমুদ্রা/২৫১, সাঁটমুদ্রা/২৬৭, সাঁটমুদ্রা/২৭৪, সাঁটমুদ্রা/২৮৯, সাঁটমুদ্রা/২৯৬, সাঁটমুদ্রা/৩০৩, সাঁটমুদ্রা/৩১৮, সাঁটমুদ্রা/৩২৫, সাঁটমুদ্রা/৩৩৯, সাঁটমুদ্রা/৩৪৬, সাঁটমুদ্রা/৩৫২, সাঁটমুদ্রা/৩৬৯, সাঁটমুদ্রা/৩৭৭, সাঁটমুদ্রা/৩৮৪
২।	অফিস সহকারী-কাম-কম্পিউটার মুদ্রাক্ষরিক	২৯-১১-২০২১ (সোমবার)	দুপুর ০২-৩০টা	অস-মুদ্রা/১০২, অস-মুদ্রা/১১৫, অস-মুদ্রা/১২৮, অস-মুদ্রা/১৩৪, অস-মুদ্রা/১৪৯, অস-মুদ্রা/১৫৬, অস-মুদ্রা/১৬৩, অস-মুদ্রা/১৭৮, অস-মুদ্রা/১৮৫, অস-মুদ্রা/১৯২, অস-মুদ্রা/২০৪, অস-মুদ্রা/২১৭, অস-মুদ্রা/২২৩, অস-মুদ্রা/২৩৮, অস-মুদ্রা/২৪৫, অস-মুদ্রা/২৫৯, অস-মুদ্রা/২৬৬, অস-মুদ্রা/২৭১, অস-মুদ্রা/২৮৭, অস-মুদ্রা/২৯৪, অস-মুদ্রা/৩০৮, অস-মুদ্রা/৩১৩
			বিকাল ০৪-০০টা	অস-মুদ্রা/৩২৭, অস-মুদ্রা/৩৩৪, অস-মুদ্রা/৩৪৮, অস-মুদ্রা/৩৫৫, অস-মুদ্রা/৩৬১, অস-মুদ্রা/৩৭৬, অস-মুদ্রা/৩৮৩, অস-মুদ্রা/৩৯৯, অস-মুদ্রা/৪০৫, অস-মুদ্রা/৪১২, অস-মুদ্রা/৪২৬, অস-মুদ্রা/৪৩১, অস-মুদ্রা/৪৪৭, অস-মুদ্রা/৪৫৩
	অফিস সহকারী-কাম-কম্পিউটার মুদ্রাক্ষরিক	৩০-১১-২০২১ (মঙ্গলবার)	সকাল ১০-০০টা	অস-মুদ্রা/৪৬৮, অস-মুদ্রা/৪৭৪, অস-মুদ্রা/৪৮৯, অস-মুদ্রা/৪৯৫, অস-মুদ্রা/৫০২, অস-মুদ্রা/৫১৭, অস-মুদ্রা/৫২৩, অস-মুদ্রা/৫৩৮, অস-মুদ্রা/৫৪৬, অস-মুদ্রা/৫৫১, অস-মুদ্রা/৫৬৯, অস-মুদ্রা/৫৭৪, অস-মুদ্রা/৫৮৮, অস-মুদ্রা/৫৯৩
			বেলা ১২-০০টা	অস-মুদ্রা/৬০৬, অস-মুদ্রা/৬১২, অস-মুদ্রা/৬২৯, অস-মুদ্রা/৬৩৫, অস-মুদ্রা/৬৪৭, অস-মুদ্রা/৬৫৪, অস-মুদ্রা/৬৬৮, অস-মুদ্রা/৬৭৩, অস-মুদ্রা/৬৮৫, অস-মুদ্রা/৬৯১, অস-মুদ্রা/৭০৬, অস-মুদ্রা/৭১৪, অস-মুদ্রা/৭২৮, অস-মুদ্রা/৭৩৩, অস-মুদ্রা/৭৪৯
			দুপুর ০২-৩০টা	অস-মুদ্রা/৭৫৫, অস-মুদ্রা/৭৬২, অস-মুদ্রা/৭৭৮, অস-মুদ্রা/৭৮৪, অস-মুদ্রা/৭৯৭, অস-মুদ্রা/৮০৩, অস-মুদ্রা/৮১৯, অস-মুদ্রা/৮২৬, অস-মুদ্রা/৮৩২, অস-মুদ্রা/৮৪৮, অস-মুদ্রা/৮৫৭, অস-মুদ্রা/৮৬৩, অস-মুদ্রা/৮৭৬, অস-মুদ্রা/৮৮১
প্রার্থীগণকে প্রবেশপত্র ও জাতীয় পরিচয়পত্রসহ সংশ্লিষ্ট সময়ের ৩০ মিনিট পূর্বে উপস্থিত হতে হবে।
ব্যবহারিক পরীক্ষায় অংশগ্রহণের জন্য ইতোপূর্বে প্রেরিত প্রবেশপত্র (Interview Card) অবশ্যই সঙ্গে আনতে হবে।
পরীক্ষা চলাকালীন কোভিড-১৯ সংক্রান্ত সকল স্বাস্থ্যবিধি অবশ্যই মেনে চলতে হবে।
(মোঃ আলী আশরাফ দেওয়ান)
সদস্য-সচিব
বিভাগীয় বাছাই/নিয়োগ কমিটি
ও
নির্বাহী স্থপতি, স্থাপত্য অধিদপ্তর, ঢাকা।
জি-২২১১/২১ (১২x৪)
